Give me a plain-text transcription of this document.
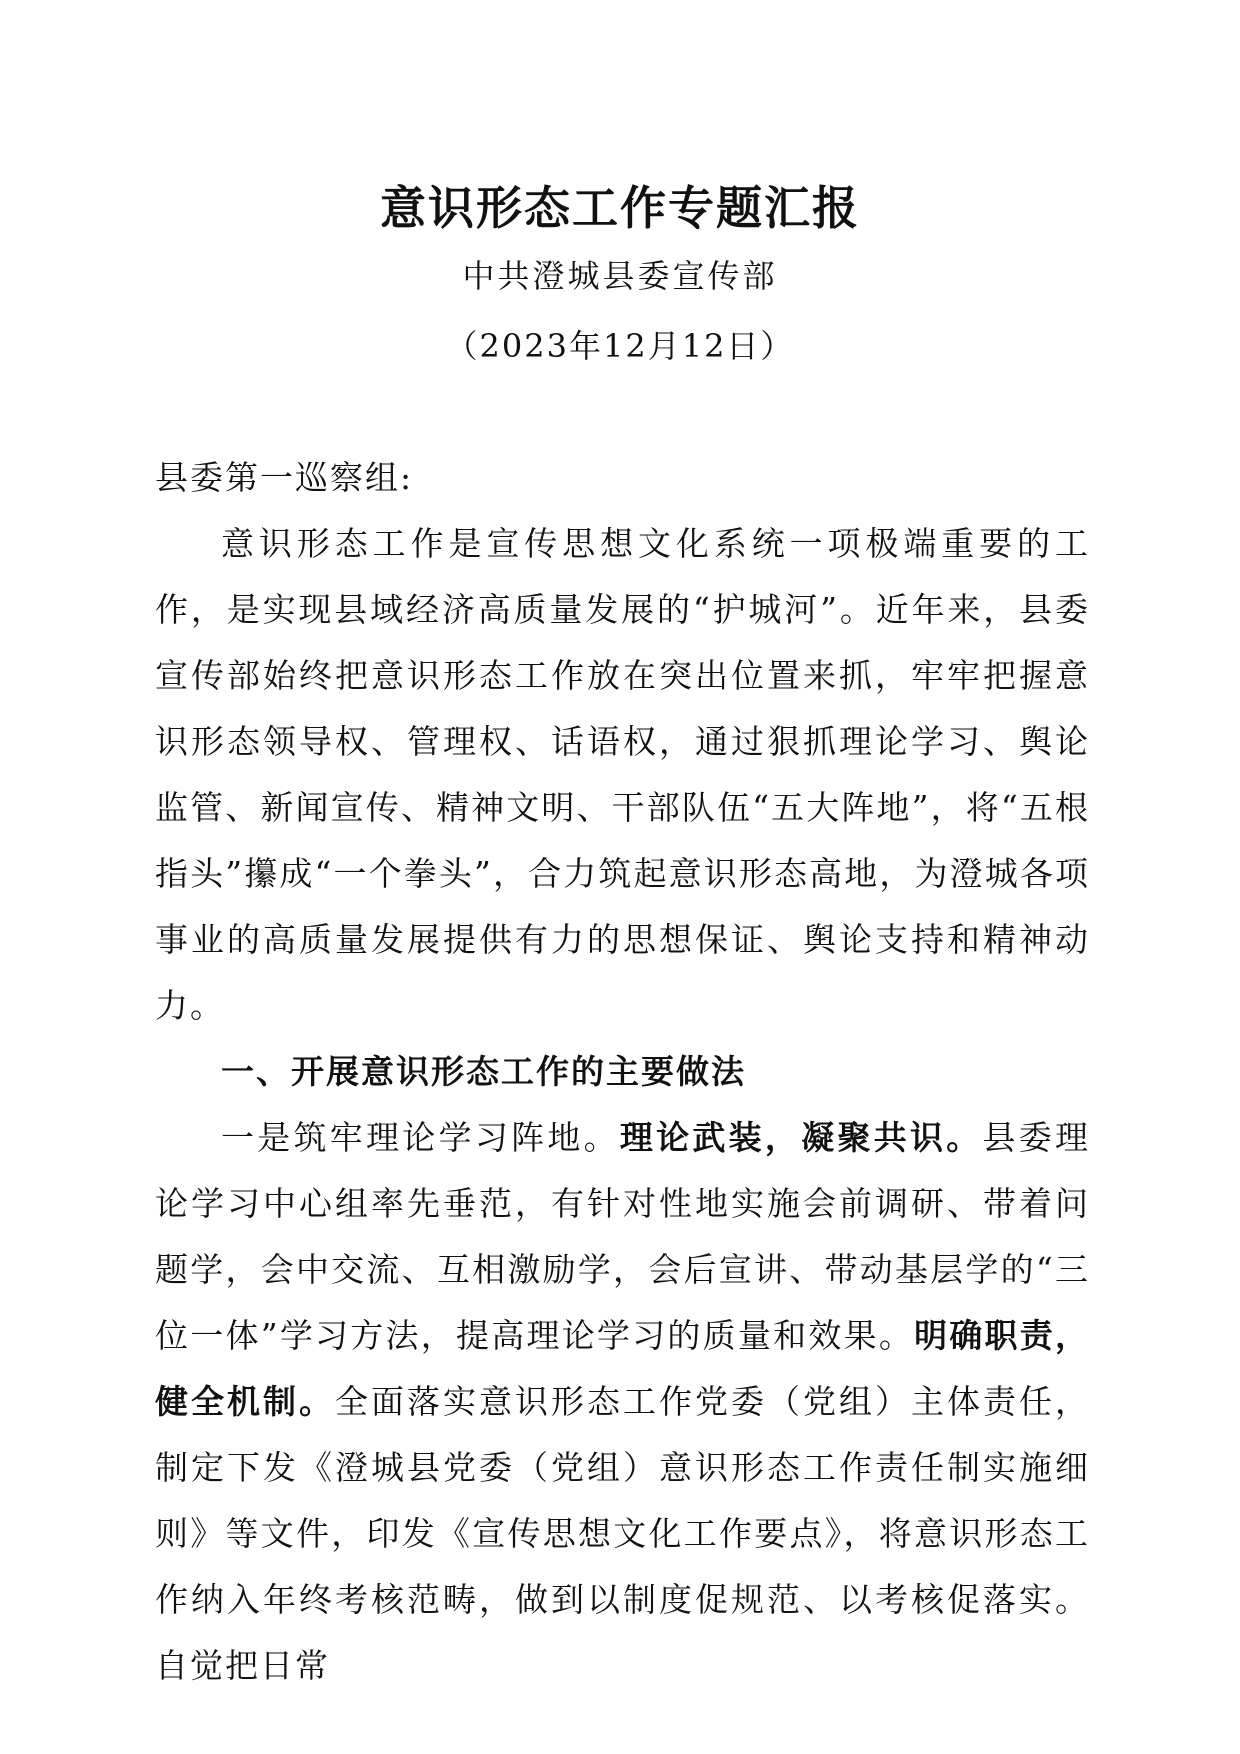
意识形态工作专题汇报
中共澄城县委宣传部
（2023年12月12日）

县委第一巡察组:

意识形态工作是宣传思想文化系统一项极端重要的工作，是实现县域经济高质量发展的“护城河”。近年来，县委宣传部始终把意识形态工作放在突出位置来抓，牢牢把握意识形态领导权、管理权、话语权，通过狠抓理论学习、舆论监管、新闻宣传、精神文明、干部队伍“五大阵地”，将“五根指头”攥成“一个拳头”，合力筑起意识形态高地，为澄城各项事业的高质量发展提供有力的思想保证、舆论支持和精神动力。

一、开展意识形态工作的主要做法

一是筑牢理论学习阵地。理论武装，凝聚共识。县委理论学习中心组率先垂范，有针对性地实施会前调研、带着问题学，会中交流、互相激励学，会后宣讲、带动基层学的“三位一体”学习方法，提高理论学习的质量和效果。明确职责，健全机制。全面落实意识形态工作党委（党组）主体责任，制定下发《澄城县党委（党组）意识形态工作责任制实施细则》等文件，印发《宣传思想文化工作要点》，将意识形态工作纳入年终考核范畴，做到以制度促规范、以考核促落实。自觉把日常
